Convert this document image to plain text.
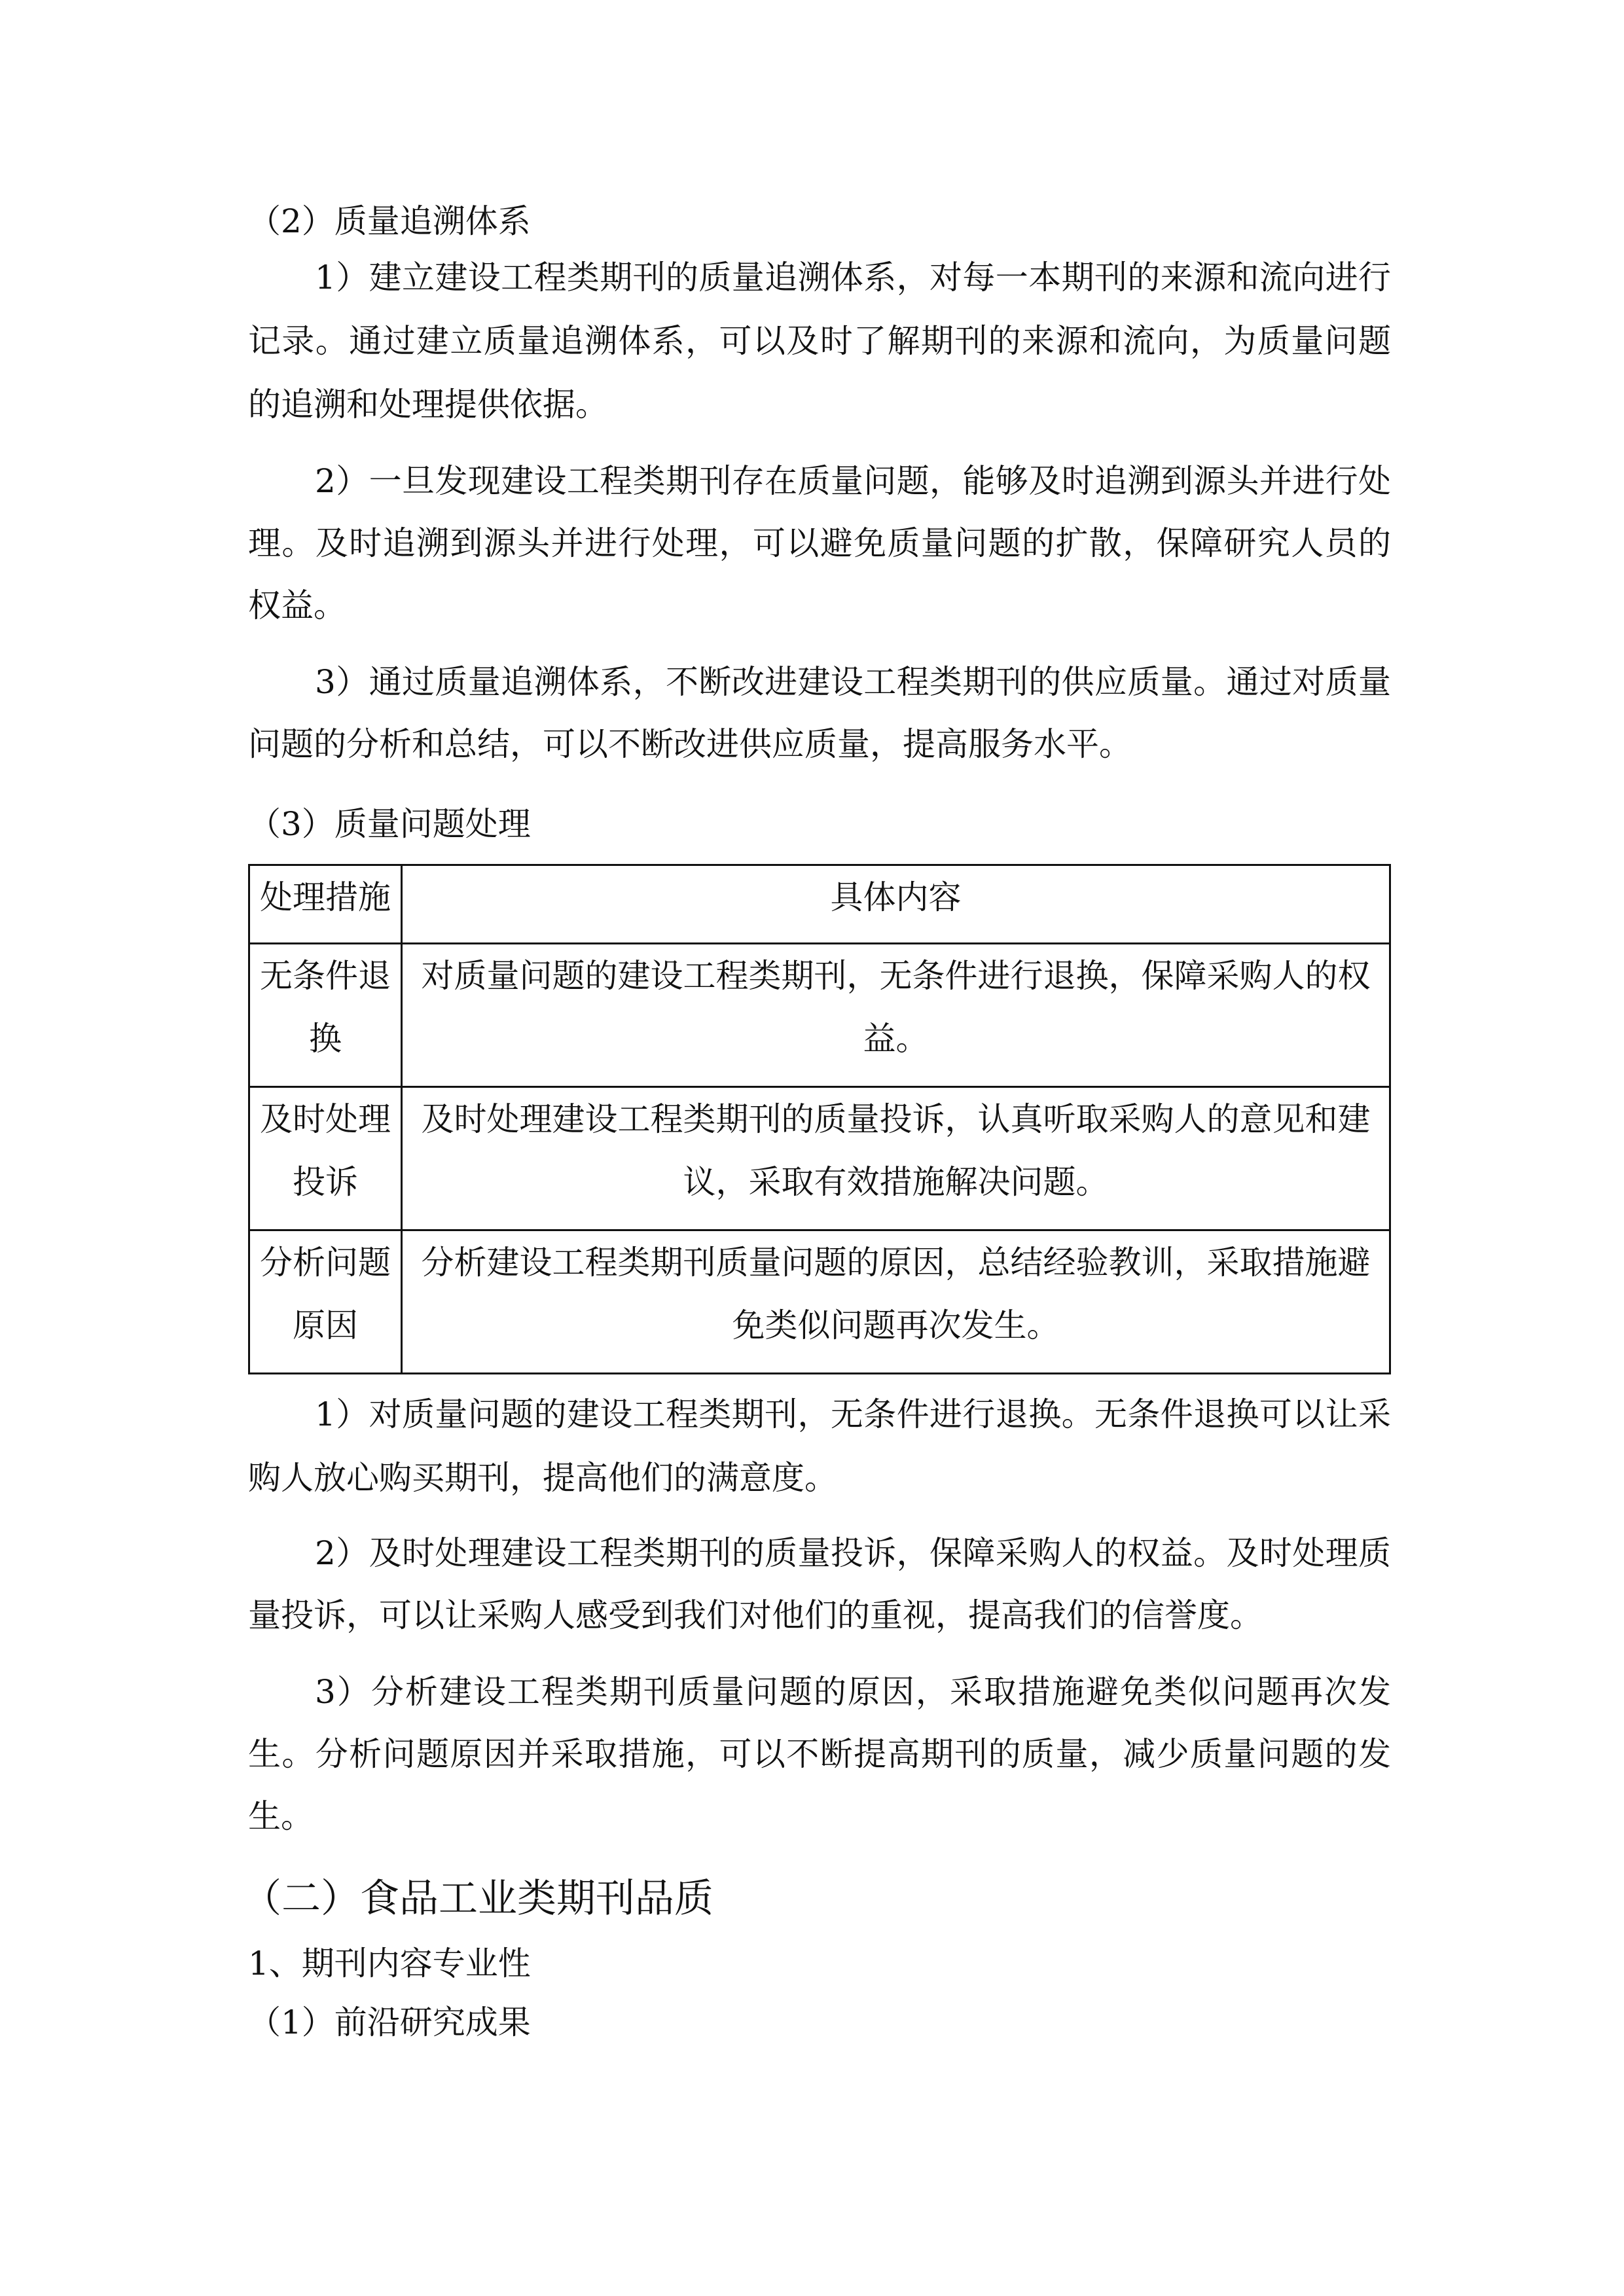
（2）质量追溯体系
1）建立建设工程类期刊的质量追溯体系，对每一本期刊的来源和流向进行
记录。通过建立质量追溯体系，可以及时了解期刊的来源和流向，为质量问题
的追溯和处理提供依据。
2）一旦发现建设工程类期刊存在质量问题，能够及时追溯到源头并进行处
理。及时追溯到源头并进行处理，可以避免质量问题的扩散，保障研究人员的
权益。
3）通过质量追溯体系，不断改进建设工程类期刊的供应质量。通过对质量
问题的分析和总结，可以不断改进供应质量，提高服务水平。
（3）质量问题处理
处理措施	具体内容
无条件退换	对质量问题的建设工程类期刊，无条件进行退换，保障采购人的权益。
及时处理投诉	及时处理建设工程类期刊的质量投诉，认真听取采购人的意见和建议，采取有效措施解决问题。
分析问题原因	分析建设工程类期刊质量问题的原因，总结经验教训，采取措施避免类似问题再次发生。
1）对质量问题的建设工程类期刊，无条件进行退换。无条件退换可以让采
购人放心购买期刊，提高他们的满意度。
2）及时处理建设工程类期刊的质量投诉，保障采购人的权益。及时处理质
量投诉，可以让采购人感受到我们对他们的重视，提高我们的信誉度。
3）分析建设工程类期刊质量问题的原因，采取措施避免类似问题再次发
生。分析问题原因并采取措施，可以不断提高期刊的质量，减少质量问题的发
生。
（二）食品工业类期刊品质
1、期刊内容专业性
（1）前沿研究成果
